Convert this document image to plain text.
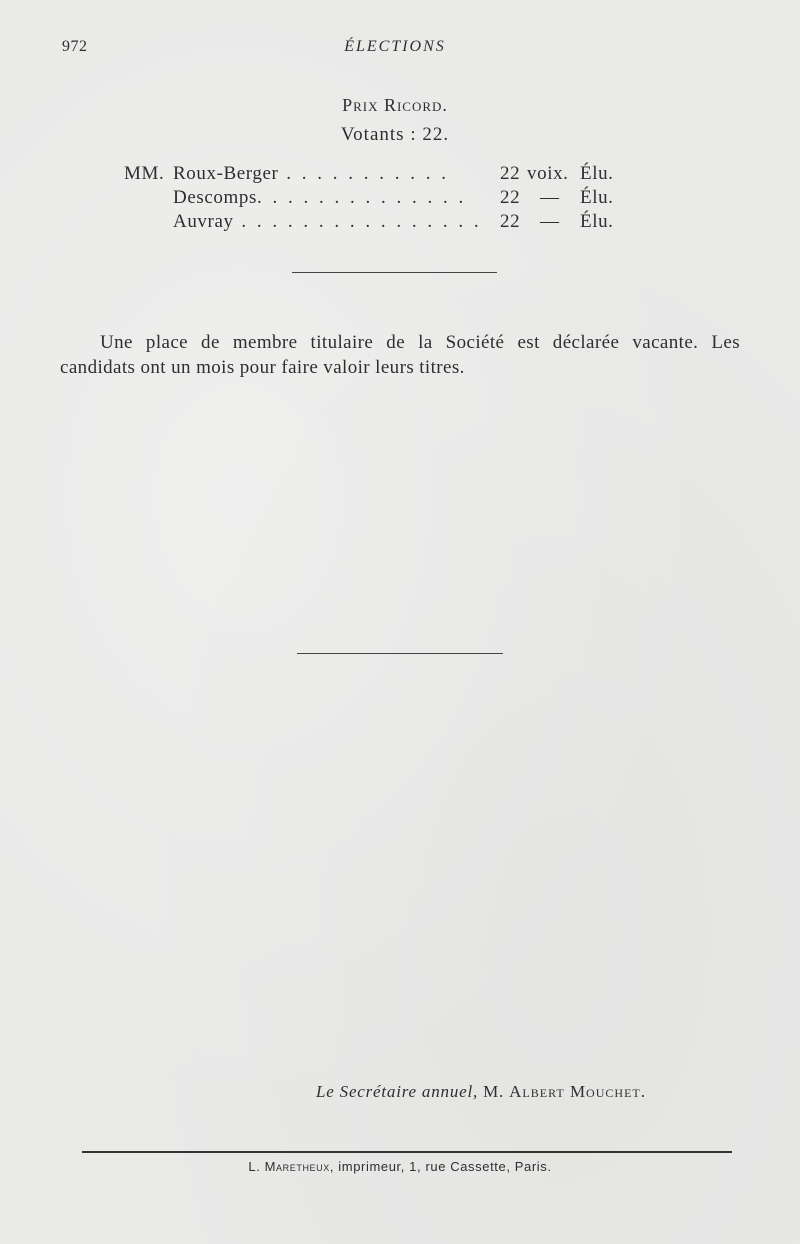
972	ÉLECTIONS
Prix Ricord.
Votants : 22.
MM. Roux-Berger . . . . . . . . . . .	22 voix. Élu.
Descomps. . . . . . . . . . . . . . 22 — Élu.
Auvray . . . . . . . . . . . . . . . . 22 — Élu.
Une place de membre titulaire de la Société est déclarée vacante. Les
candidats ont un mois pour faire valoir leurs titres.
Le Secrétaire annuel, M. Albert Mouchet.
L. Maretheux, imprimeur, 1, rue Cassette, Paris.
